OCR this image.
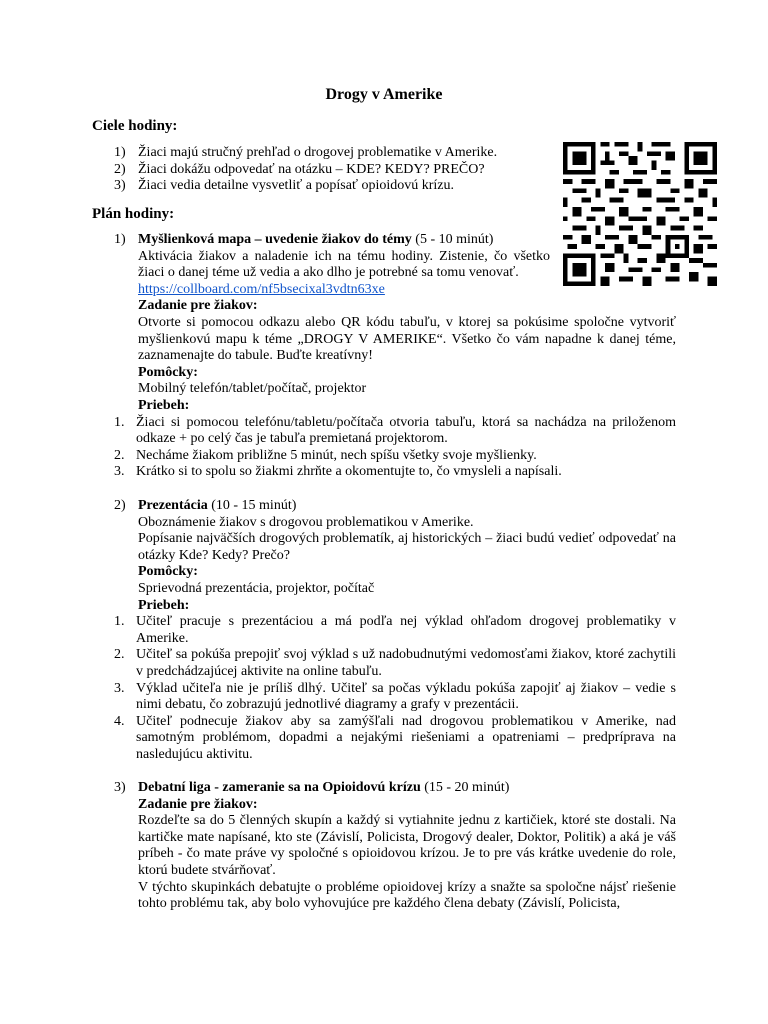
Drogy v Amerike
Ciele hodiny:
1) Žiaci majú stručný prehľad o drogovej problematike v Amerike.
2) Žiaci dokážu odpovedať na otázku – KDE? KEDY? PREČO?
3) Žiaci vedia detailne vysvetliť a popísať opioidovú krízu.
Plán hodiny:
1) Myšlienková mapa – uvedenie žiakov do témy (5 - 10 minút)
Aktivácia žiakov a naladenie ich na tému hodiny. Zistenie, čo všetko žiaci o danej téme už vedia a ako dlho je potrebné sa tomu venovať.
https://collboard.com/nf5bsecixal3vdtn63xe
Zadanie pre žiakov:
Otvorte si pomocou odkazu alebo QR kódu tabuľu, v ktorej sa pokúsime spoločne vytvoriť myšlienkovú mapu k téme „DROGY V AMERIKE“. Všetko čo vám napadne k danej téme, zaznamenajte do tabule. Buďte kreatívny!
Pomôcky:
Mobilný telefón/tablet/počítač, projektor
Priebeh:
1. Žiaci si pomocou telefónu/tabletu/počítača otvoria tabuľu, ktorá sa nachádza na priloženom odkaze + po celý čas je tabuľa premietaná projektorom.
2. Necháme žiakom približne 5 minút, nech spíšu všetky svoje myšlienky.
3. Krátko si to spolu so žiakmi zhrňte a okomentujte to, čo vmysleli a napísali.
2) Prezentácia (10 - 15 minút)
Oboznámenie žiakov s drogovou problematikou v Amerike.
Popísanie najväčších drogových problematík, aj historických – žiaci budú vedieť odpovedať na otázky Kde? Kedy? Prečo?
Pomôcky:
Sprievodná prezentácia, projektor, počítač
Priebeh:
1. Učiteľ pracuje s prezentáciou a má podľa nej výklad ohľadom drogovej problematiky v Amerike.
2. Učiteľ sa pokúša prepojiť svoj výklad s už nadobudnutými vedomosťami žiakov, ktoré zachytili v predchádzajúcej aktivite na online tabuľu.
3. Výklad učiteľa nie je príliš dlhý. Učiteľ sa počas výkladu pokúša zapojiť aj žiakov – vedie s nimi debatu, čo zobrazujú jednotlivé diagramy a grafy v prezentácii.
4. Učiteľ podnecuje žiakov aby sa zamýšľali nad drogovou problematikou v Amerike, nad samotným problémom, dopadmi a nejakými riešeniami a opatreniami – predpríprava na nasledujúcu aktivitu.
3) Debatní liga - zameranie sa na Opioidovú krízu (15 - 20 minút)
Zadanie pre žiakov:
Rozdeľte sa do 5 členných skupín a každý si vytiahnite jednu z kartičiek, ktoré ste dostali. Na kartičke mate napísané, kto ste (Závislí, Policista, Drogový dealer, Doktor, Politik) a aká je váš príbeh - čo mate práve vy spoločné s opioidovou krízou. Je to pre vás krátke uvedenie do role, ktorú budete stvárňovať.
V týchto skupinkách debatujte o probléme opioidovej krízy a snažte sa spoločne nájsť riešenie tohto problému tak, aby bolo vyhovujúce pre každého člena debaty (Závislí, Policista,
